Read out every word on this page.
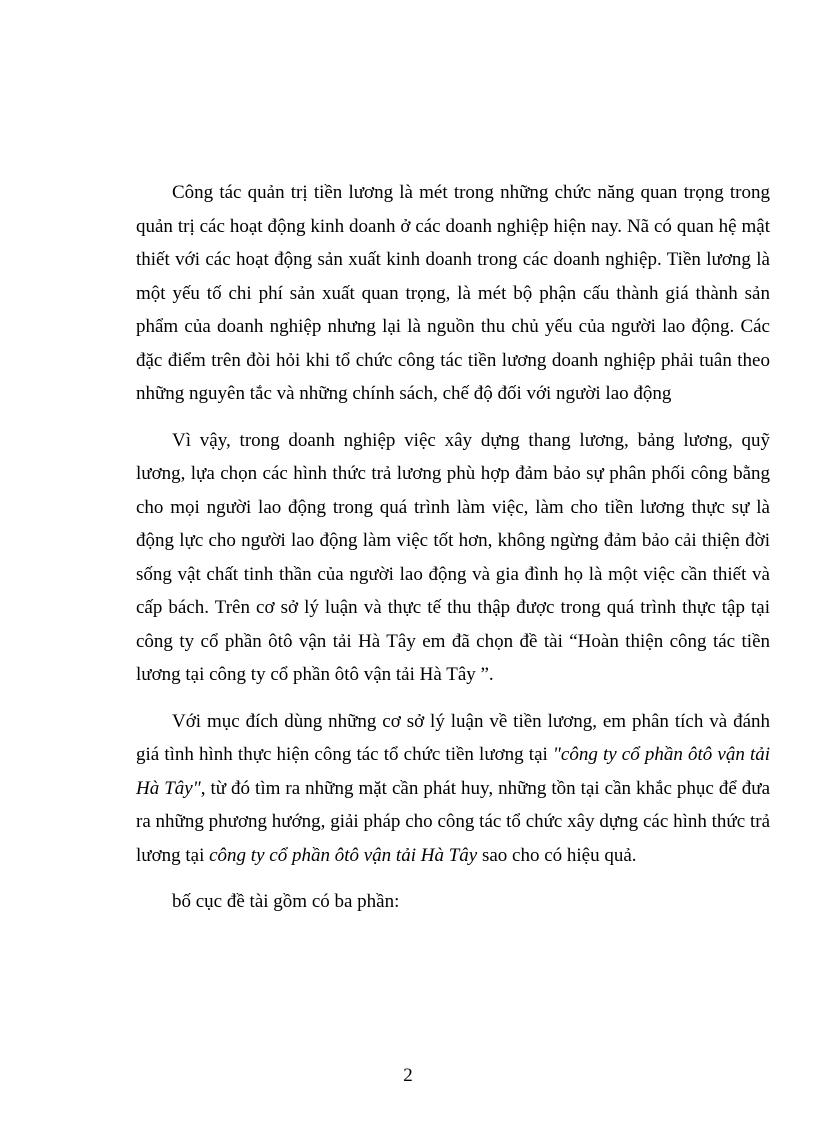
Công tác quản trị tiền lương là mét trong những chức năng quan trọng trong quản trị các hoạt động kinh doanh ở các doanh nghiệp hiện nay. Nã có quan hệ mật thiết với các hoạt động sản xuất kinh doanh trong các doanh nghiệp. Tiền lương là một yếu tố chi phí sản xuất quan trọng, là mét bộ phận cấu thành giá thành sản phẩm của doanh nghiệp nhưng lại là nguồn thu chủ yếu của người lao động. Các đặc điểm trên đòi hỏi khi tổ chức công tác tiền lương doanh nghiệp phải tuân theo những nguyên tắc và những chính sách, chế độ đối với người lao động

Vì vậy, trong doanh nghiệp việc xây dựng thang lương, bảng lương, quỹ lương, lựa chọn các hình thức trả lương phù hợp đảm bảo sự phân phối công bằng cho mọi người lao động trong quá trình làm việc, làm cho tiền lương thực sự là động lực cho người lao động làm việc tốt hơn, không ngừng đảm bảo cải thiện đời sống vật chất tinh thần của người lao động và gia đình họ là một việc cần thiết và cấp bách. Trên cơ sở lý luận và thực tế thu thập được trong quá trình thực tập tại công ty cổ phần ôtô vận tải Hà Tây em đã chọn đề tài “Hoàn thiện công tác tiền lương tại công ty cổ phần ôtô vận tải Hà Tây ”.

Với mục đích dùng những cơ sở lý luận về tiền lương, em phân tích và đánh giá tình hình thực hiện công tác tổ chức tiền lương tại "công ty cổ phần ôtô vận tải Hà Tây", từ đó tìm ra những mặt cần phát huy, những tồn tại cần khắc phục để đưa ra những phương hướng, giải pháp cho công tác tổ chức xây dựng các hình thức trả lương tại công ty cổ phần ôtô vận tải Hà Tây sao cho có hiệu quả.

bố cục đề tài gồm có ba phần:

2
